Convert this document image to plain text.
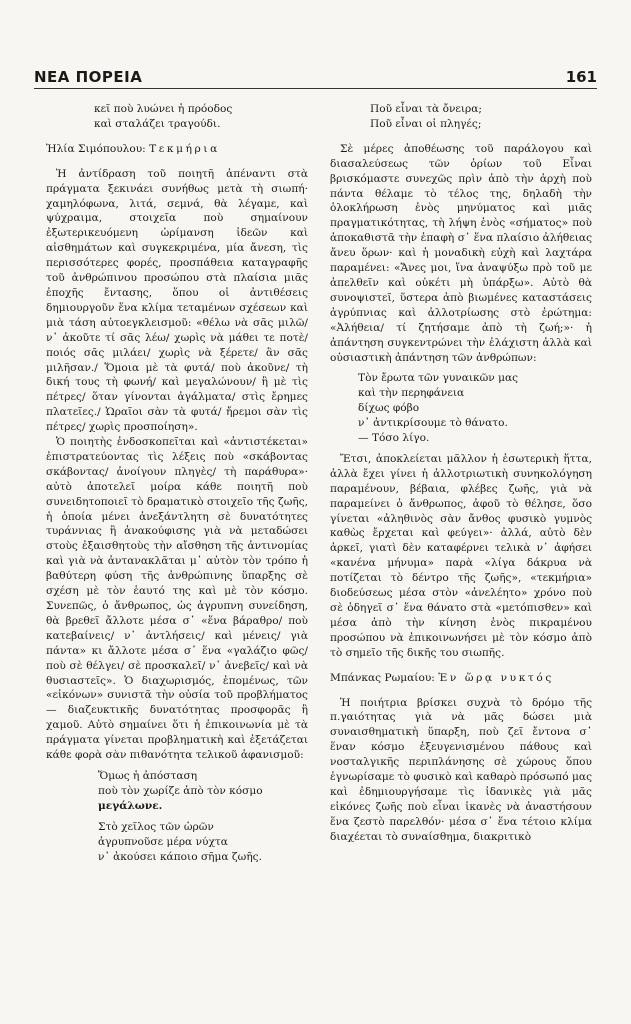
ΝΕΑ ΠΟΡΕΙΑ	161
κεῖ ποὺ λυώνει ἡ πρόοδος
καὶ σταλάζει τραγούδι.

Ἠλία Σιμόπουλου: Τεκμήρια

Ἡ ἀντίδραση τοῦ ποιητῆ ἀπέναντι στὰ πράγματα ξεκινάει συνήθως μετὰ τὴ σιωπή· χαμηλόφωνα, λιτά, σεμνά, θὰ λέγαμε, καὶ ψύχραιμα, στοιχεῖα ποὺ σημαίνουν ἐξωτερικευόμενη ὡρίμανση ἰδεῶν καὶ αἰσθημάτων καὶ συγκεκριμένα, μία ἄνεση, τὶς περισσότερες φορές, προσπάθεια καταγραφῆς τοῦ ἀνθρώπινου προσώπου στὰ πλαίσια μιᾶς ἐποχῆς ἔντασης, ὅπου οἱ ἀντιθέσεις δημιουργοῦν ἕνα κλίμα τεταμένων σχέσεων καὶ μιὰ τάση αὐτοεγκλεισμοῦ: «θέλω νὰ σᾶς μιλῶ/ ν᾿ ἀκοῦτε τί σᾶς λέω/ χωρὶς νὰ μάθει τε ποτὲ/ ποιός σᾶς μιλάει/ χωρὶς νὰ ξέρετε/ ἂν σᾶς μιλῆσαν./ Ὅμοια μὲ τὰ φυτά/ ποὺ ἀκοῦνε/ τὴ δική τους τὴ φωνή/ καὶ μεγαλώνουν/ ἢ μὲ τὶς πέτρες/ ὅταν γίνονται ἀγάλματα/ στὶς ἔρημες πλατεῖες./ Ὡραῖοι σὰν τὰ φυτά/ ἤρεμοι σὰν τὶς πέτρες/ χωρὶς προσποίηση».

Ὁ ποιητὴς ἐνδοσκοπεῖται καὶ «ἀντιστέκεται» ἐπιστρατεύοντας τὶς λέξεις ποὺ «σκάβοντας σκάβοντας/ ἀνοίγουν πληγὲς/ τὴ παράθυρα»· αὐτὸ ἀποτελεῖ μοίρα κάθε ποιητῆ ποὺ συνειδητοποιεῖ τὸ δραματικὸ στοιχεῖο τῆς ζωῆς, ἡ ὁποία μένει ἀνεξάντλητη σὲ δυνατότητες τυράννιας ἢ ἀνακούφισης γιὰ νὰ μεταδώσει στοὺς ἐξαισθητοὺς τὴν αἴσθηση τῆς ἀντινομίας καὶ γιὰ νὰ ἀντανακλᾶται μ᾿ αὐτὸν τὸν τρόπο ἡ βαθύτερη φύση τῆς ἀνθρώπινης ὕπαρξης σὲ σχέση μὲ τὸν ἑαυτό της καὶ μὲ τὸν κόσμο. Συνεπῶς, ὁ ἄνθρωπος, ὡς ἀγρυπνη συνείδηση, θὰ βρεθεῖ ἄλλοτε μέσα σ᾿ «ἕνα βάραθρο/ ποὺ κατεβαίνεις/ ν᾿ ἀντλήσεις/ καὶ μένεις/ γιὰ πάντα» κι ἄλλοτε μέσα σ᾿ ἕνα «γαλάζιο φῶς/ ποὺ σὲ θέλγει/ σὲ προσκαλεῖ/ ν᾿ ἀνεβεῖς/ καὶ νὰ θυσιαστεῖς». Ὁ διαχωρισμός, ἑπομένως, τῶν «εἰκόνων» συνιστᾶ τὴν οὐσία τοῦ προβλήματος — διαζευκτικῆς δυνατότητας προσφορᾶς ἢ χαμοῦ. Αὐτὸ σημαίνει ὅτι ἡ ἐπικοινωνία μὲ τὰ πράγματα γίνεται προβληματικὴ καὶ ἐξετάζεται κάθε φορὰ σὰν πιθανότητα τελικοῦ ἀφανισμοῦ:

Ὅμως ἡ ἀπόσταση
ποὺ τὸν χωρίζε ἀπὸ τὸν κόσμο
μεγάλωνε.
Στὸ χεῖλος τῶν ὡρῶν
ἀγρυπνοῦσε μέρα νύχτα
ν᾿ ἀκούσει κάποιο σῆμα ζωῆς.
Ποῦ εἶναι τὰ ὄνειρα;
Ποῦ εἶναι οἱ πληγές;

Σὲ μέρες ἀποθέωσης τοῦ παράλογου καὶ διασαλεύσεως τῶν ὁρίων τοῦ Εἶναι βρισκόμαστε συνεχῶς πρὶν ἀπὸ τὴν ἀρχὴ ποὺ πάντα θέλαμε τὸ τέλος της, δηλαδὴ τὴν ὁλοκλήρωση ἑνὸς μηνύματος καὶ μιᾶς πραγματικότητας, τὴ λήψη ἑνὸς «σήματος» ποὺ ἀποκαθιστᾶ τὴν ἐπαφὴ σ᾿ ἕνα πλαίσιο ἀλήθειας ἄνευ ὅρων· καὶ ἡ μοναδικὴ εὐχὴ καὶ λαχτάρα παραμένει: «Ἄνες μοι, ἵνα ἀναψύξω πρὸ τοῦ με ἀπελθεῖν καὶ οὐκέτι μὴ ὑπάρξω». Αὐτὸ θὰ συνοψιστεῖ, ὕστερα ἀπὸ βιωμένες καταστάσεις ἀγρύπνιας καὶ ἀλλοτρίωσης στὸ ἐρώτημα: «Ἀλήθεια/ τί ζητήσαμε ἀπὸ τὴ ζωή;»· ἡ ἀπάντηση συγκεντρώνει τὴν ἐλάχιστη ἀλλὰ καὶ οὐσιαστικὴ ἀπάντηση τῶν ἀνθρώπων:

Τὸν ἔρωτα τῶν γυναικῶν μας
καὶ τὴν περηφάνεια
δίχως φόβο
ν᾿ ἀντικρίσουμε τὸ θάνατο.
— Τόσο λίγο.

Ἔτσι, ἀποκλείεται μᾶλλον ἡ ἐσωτερικὴ ἥττα, ἀλλὰ ἔχει γίνει ἡ ἀλλοτριωτικὴ συνηκολόγηση παραμένουν, βέβαια, φλέβες ζωῆς, γιὰ νὰ παραμείνει ὁ ἄνθρωπος, ἀφοῦ τὸ θέλησε, ὅσο γίνεται «ἀληθινὸς σὰν ἄνθος φυσικὸ γυμνὸς καθὼς ἔρχεται καὶ φεύγει»· ἀλλά, αὐτὸ δὲν ἀρκεῖ, γιατὶ δὲν καταφέρνει τελικὰ ν᾿ ἀφήσει «κανένα μήνυμα» παρὰ «λίγα δάκρυα νὰ ποτίζεται τὸ δέντρο τῆς ζωῆς», «τεκμήρια» διοδεύσεως μέσα στὸν «ἀνελέητο» χρόνο ποὺ σὲ ὁδηγεῖ σ᾿ ἕνα θάνατο στὰ «μετόπισθεν» καὶ μέσα ἀπὸ τὴν κίνηση ἑνὸς πικραμένου προσώπου νὰ ἐπικοινωνήσει μὲ τὸν κόσμο ἀπὸ τὸ σημεῖο τῆς δικῆς του σιωπῆς.

Μπάνκας Ρωμαίου: Ἐν ὥρᾳ νυκτός

Ἡ ποιήτρια βρίσκει συχνὰ τὸ δρόμο τῆς π.γαιότητας γιὰ νὰ μᾶς δώσει μιὰ συναισθηματικὴ ὕπαρξη, ποὺ ζεῖ ἔντονα σ᾿ ἕναν κόσμο ἐξευγενισμένου πάθους καὶ νοσταλγικῆς περιπλάνησης σὲ χώρους ὅπου ἐγνωρίσαμε τὸ φυσικὸ καὶ καθαρὸ πρόσωπό μας καὶ ἐδημιουργήσαμε τὶς ἰδανικὲς γιὰ μᾶς εἰκόνες ζωῆς ποὺ εἶναι ἱκανὲς νὰ ἀναστήσουν ἕνα ζεστὸ παρελθόν· μέσα σ᾿ ἕνα τέτοιο κλίμα διαχέεται τὸ συναίσθημα, διακριτικὸ
